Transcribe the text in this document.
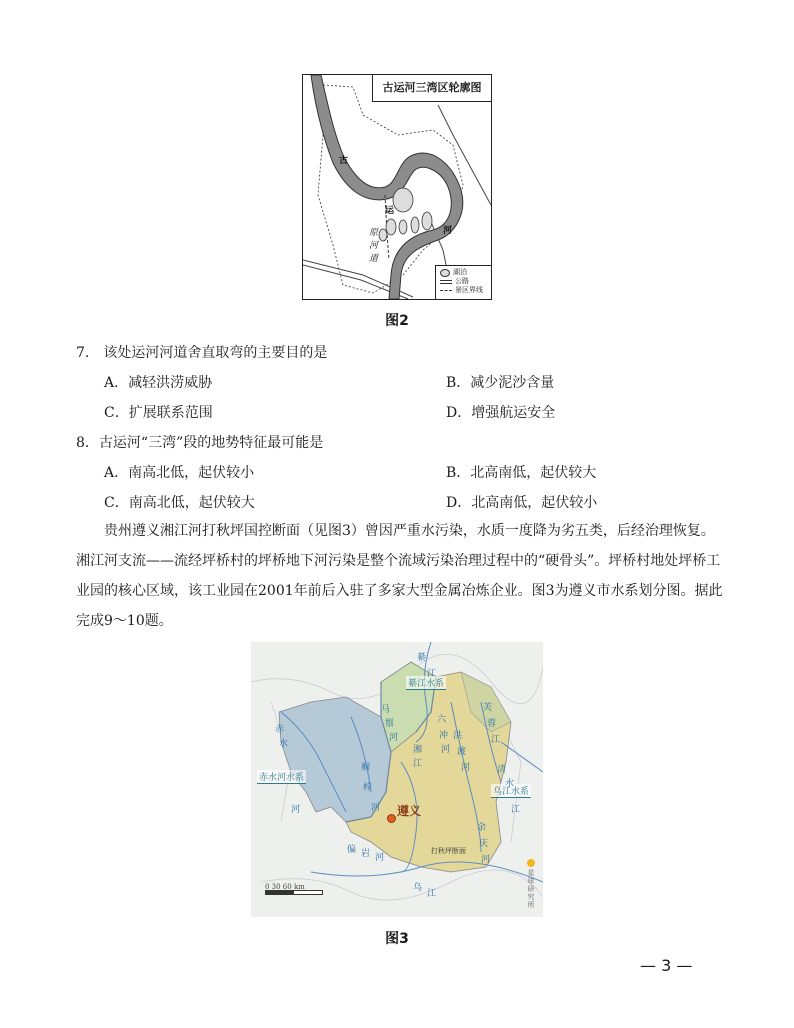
古运河三湾区轮廓图
古
运
河
原
河
道
湖泊
公路
景区界线
图2
7.　该处运河河道舍直取弯的主要目的是
A．减轻洪涝威胁	B．减少泥沙含量
C．扩展联系范围	D．增强航运安全
8．古运河“三湾”段的地势特征最可能是
A．南高北低，起伏较小	B．北高南低，起伏较大
C．南高北低，起伏较大	D．北高南低，起伏较小
贵州遵义湘江河打秋坪国控断面（见图3）曾因严重水污染，水质一度降为劣五类，后经治理恢复。湘江河支流——流经坪桥村的坪桥地下河污染是整个流域污染治理过程中的“硬骨头”。坪桥村地处坪桥工业园的核心区域，该工业园在2001年前后入驻了多家大型金属冶炼企业。图3为遵义市水系划分图。据此完成9～10题。
綦江水系
赤水河水系
乌江水系
綦
江
赤
水
河
桐
梓
河
湘
江
芙
蓉
江
洪
渡
河
乌
江
偏 岩 河
余
庆
河
清
水
江
六
冲
河
马
鬃
河
遵义
打秋坪断面
0 30 60 km
星球研究所
图3
— 3 —
